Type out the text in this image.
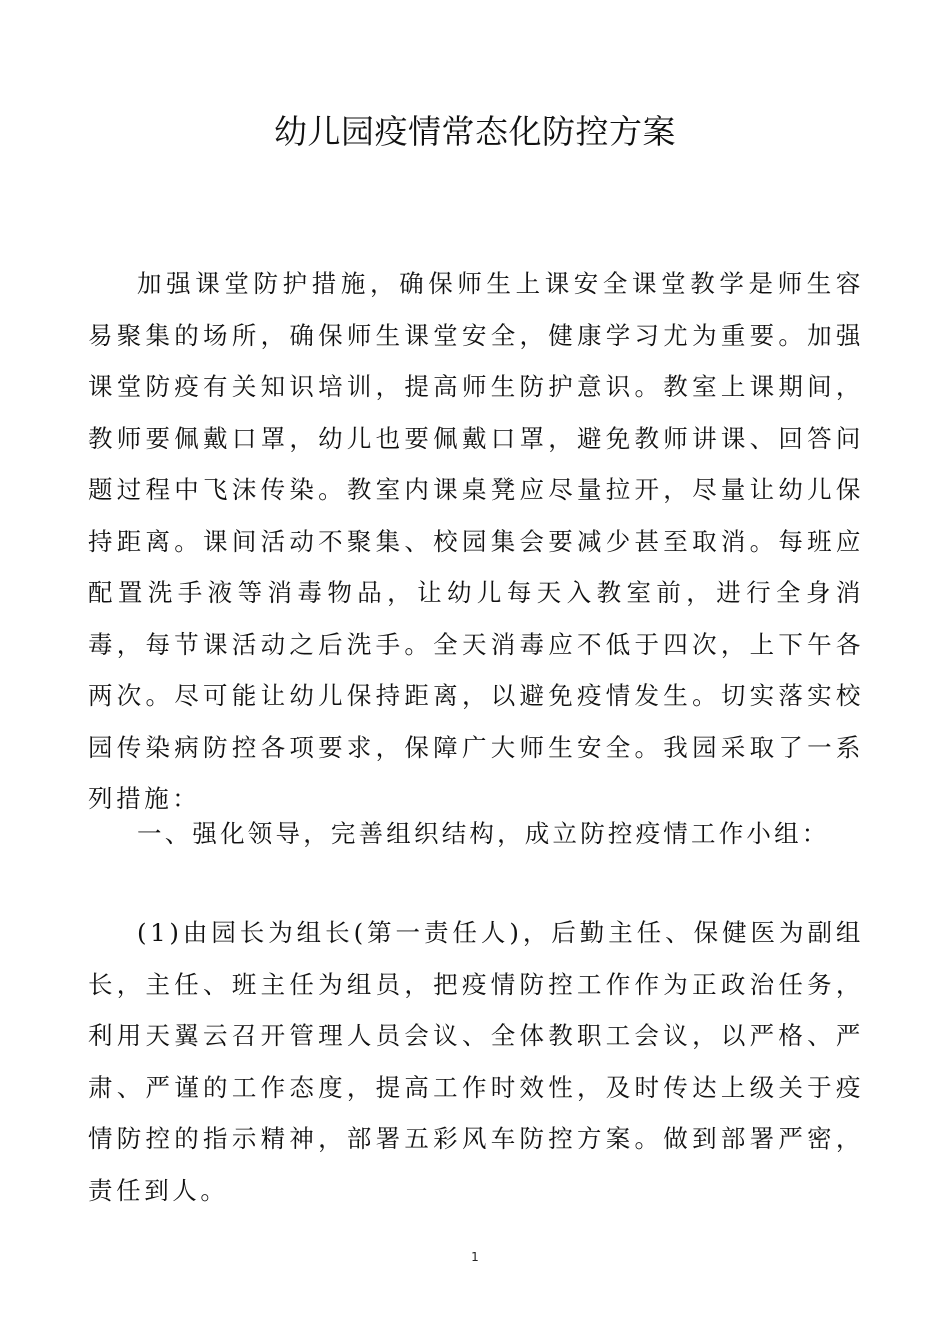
幼儿园疫情常态化防控方案

加强课堂防护措施，确保师生上课安全课堂教学是师生容易聚集的场所，确保师生课堂安全，健康学习尤为重要。加强课堂防疫有关知识培训，提高师生防护意识。教室上课期间，教师要佩戴口罩，幼儿也要佩戴口罩，避免教师讲课、回答问题过程中飞沫传染。教室内课桌凳应尽量拉开，尽量让幼儿保持距离。课间活动不聚集、校园集会要减少甚至取消。每班应配置洗手液等消毒物品，让幼儿每天入教室前，进行全身消毒，每节课活动之后洗手。全天消毒应不低于四次，上下午各两次。尽可能让幼儿保持距离，以避免疫情发生。切实落实校园传染病防控各项要求，保障广大师生安全。我园采取了一系列措施：

一、强化领导，完善组织结构，成立防控疫情工作小组：

(1)由园长为组长(第一责任人)，后勤主任、保健医为副组长，主任、班主任为组员，把疫情防控工作作为正政治任务，利用天翼云召开管理人员会议、全体教职工会议，以严格、严肃、严谨的工作态度，提高工作时效性，及时传达上级关于疫情防控的指示精神，部署五彩风车防控方案。做到部署严密，责任到人。

1
